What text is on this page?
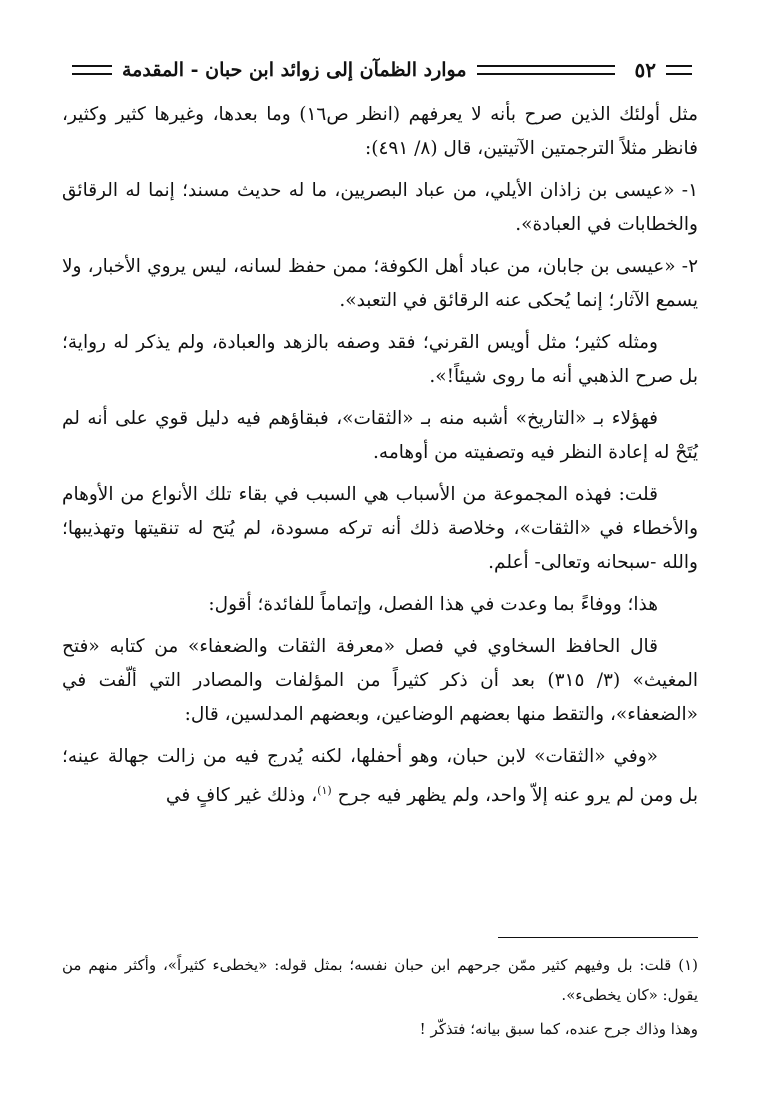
٥٢
موارد الظمآن إلى زوائد ابن حبان - المقدمة

مثل أولئك الذين صرح بأنه لا يعرفهم (انظر ص١٦) وما بعدها، وغيرها كثير وكثير، فانظر مثلاً الترجمتين الآتيتين، قال (٨/ ٤٩١):

١- «عيسى بن زاذان الأيلي، من عباد البصريين، ما له حديث مسند؛ إنما له الرقائق والخطابات في العبادة».

٢- «عيسى بن جابان، من عباد أهل الكوفة؛ ممن حفظ لسانه، ليس يروي الأخبار، ولا يسمع الآثار؛ إنما يُحكى عنه الرقائق في التعبد».

ومثله كثير؛ مثل أويس القرني؛ فقد وصفه بالزهد والعبادة، ولم يذكر له رواية؛ بل صرح الذهبي أنه ما روى شيئاً!».

فهؤلاء بـ «التاريخ» أشبه منه بـ «الثقات»، فبقاؤهم فيه دليل قوي على أنه لم يُتَحْ له إعادة النظر فيه وتصفيته من أوهامه.

قلت: فهذه المجموعة من الأسباب هي السبب في بقاء تلك الأنواع من الأوهام والأخطاء في «الثقات»، وخلاصة ذلك أنه تركه مسودة، لم يُتح له تنقيتها وتهذيبها؛ والله -سبحانه وتعالى- أعلم.

هذا؛ ووفاءً بما وعدت في هذا الفصل، وإتماماً للفائدة؛ أقول:

قال الحافظ السخاوي في فصل «معرفة الثقات والضعفاء» من كتابه «فتح المغيث» (٣/ ٣١٥) بعد أن ذكر كثيراً من المؤلفات والمصادر التي ألّفت في «الضعفاء»، والتقط منها بعضهم الوضاعين، وبعضهم المدلسين، قال:

«وفي «الثقات» لابن حبان، وهو أحفلها، لكنه يُدرج فيه من زالت جهالة عينه؛ بل ومن لم يرو عنه إلاّ واحد، ولم يظهر فيه جرح $^{(١)}$، وذلك غير كافٍ في

(١) قلت: بل وفيهم كثير ممّن جرحهم ابن حبان نفسه؛ بمثل قوله: «يخطىء كثيراً»، وأكثر منهم من يقول: «كان يخطىء».

وهذا وذاك جرح عنده، كما سبق بيانه؛ فتذكّر !
